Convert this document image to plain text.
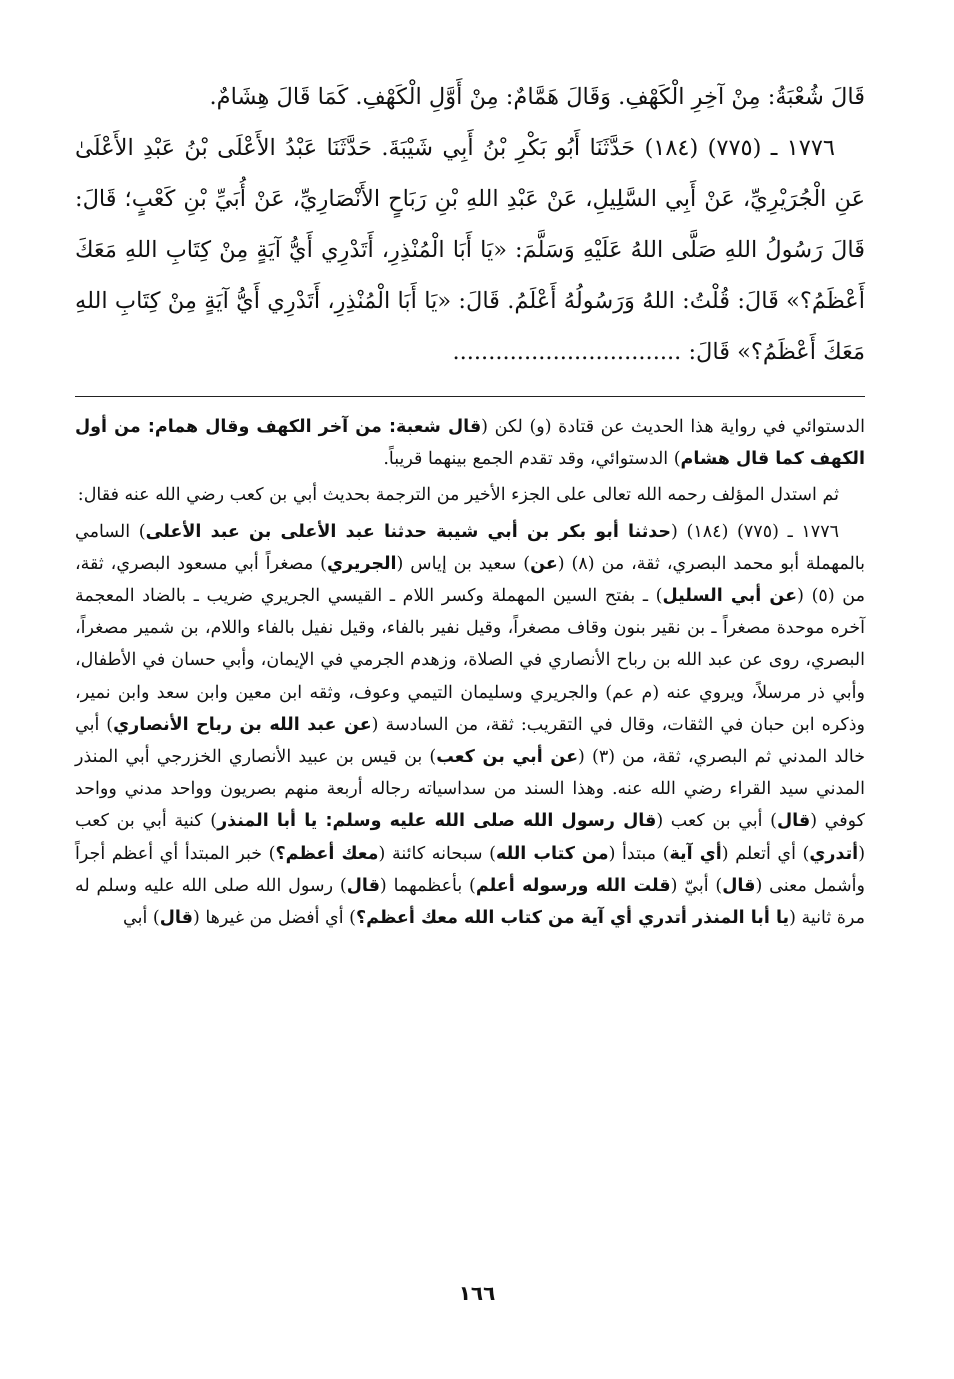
قَالَ شُعْبَةُ: مِنْ آخِرِ الْكَهْفِ. وَقَالَ هَمَّامٌ: مِنْ أَوَّلِ الْكَهْفِ. كَمَا قَالَ هِشَامٌ.

١٧٧٦ ـ (٧٧٥) (١٨٤) حَدَّثَنَا أَبُو بَكْرِ بْنُ أَبِي شَيْبَةَ. حَدَّثَنَا عَبْدُ الأَعْلَى بْنُ عَبْدِ الأَعْلَىٰ عَنِ الْجُرَيْرِيِّ، عَنْ أَبِي السَّلِيلِ، عَنْ عَبْدِ اللهِ بْنِ رَبَاحٍ الأَنْصَارِيِّ، عَنْ أُبَيِّ بْنِ كَعْبٍ؛ قَالَ: قَالَ رَسُولُ اللهِ صَلَّى اللهُ عَلَيْهِ وَسَلَّمَ: «يَا أَبَا الْمُنْذِرِ، أَتَدْرِي أَيُّ آيَةٍ مِنْ كِتَابِ اللهِ مَعَكَ أَعْظَمُ؟» قَالَ: قُلْتُ: اللهُ وَرَسُولُهُ أَعْلَمُ. قَالَ: «يَا أَبَا الْمُنْذِرِ، أَتَدْرِي أَيُّ آيَةٍ مِنْ كِتَابِ اللهِ مَعَكَ أَعْظَمُ؟» قَالَ: ................................

الدستوائي في رواية هذا الحديث عن قتادة (و) لكن (قال شعبة: من آخر الكهف وقال همام: من أول الكهف كما قال هشام) الدستوائي، وقد تقدم الجمع بينهما قريباً.

ثم استدل المؤلف رحمه الله تعالى على الجزء الأخير من الترجمة بحديث أبي بن كعب رضي الله عنه فقال:

١٧٧٦ ـ (٧٧٥) (١٨٤) (حدثنا أبو بكر بن أبي شيبة حدثنا عبد الأعلى بن عبد الأعلى) السامي بالمهملة أبو محمد البصري، ثقة، من (٨) (عن) سعيد بن إياس (الجريري) مصغراً أبي مسعود البصري، ثقة، من (٥) (عن أبي السليل) ـ بفتح السين المهملة وكسر اللام ـ القيسي الجريري ضريب ـ بالضاد المعجمة آخره موحدة مصغراً ـ بن نقير بنون وقاف مصغراً، وقيل نفير بالفاء، وقيل نفيل بالفاء واللام، بن شمير مصغراً، البصري، روى عن عبد الله بن رباح الأنصاري في الصلاة، وزهدم الجرمي في الإيمان، وأبي حسان في الأطفال، وأبي ذر مرسلاً، ويروي عنه (م عم) والجريري وسليمان التيمي وعوف، وثقه ابن معين وابن سعد وابن نمير، وذكره ابن حبان في الثقات، وقال في التقريب: ثقة، من السادسة (عن عبد الله بن رباح الأنصاري) أبي خالد المدني ثم البصري، ثقة، من (٣) (عن أبي بن كعب) بن قيس بن عبيد الأنصاري الخزرجي أبي المنذر المدني سيد القراء رضي الله عنه. وهذا السند من سداسياته رجاله أربعة منهم بصريون وواحد مدني وواحد كوفي (قال) أبي بن كعب (قال رسول الله صلى الله عليه وسلم: يا أبا المنذر) كنية أبي بن كعب (أتدري) أي أتعلم (أي آية) مبتدأ (من كتاب الله) سبحانه كائنة (معك أعظم؟) خبر المبتدأ أي أعظم أجراً وأشمل معنى (قال) أبيّ (قلت الله ورسوله أعلم) بأعظمهما (قال) رسول الله صلى الله عليه وسلم له مرة ثانية (يا أبا المنذر أتدري أي آية من كتاب الله معك أعظم؟) أي أفضل من غيرها (قال) أبي

١٦٦
